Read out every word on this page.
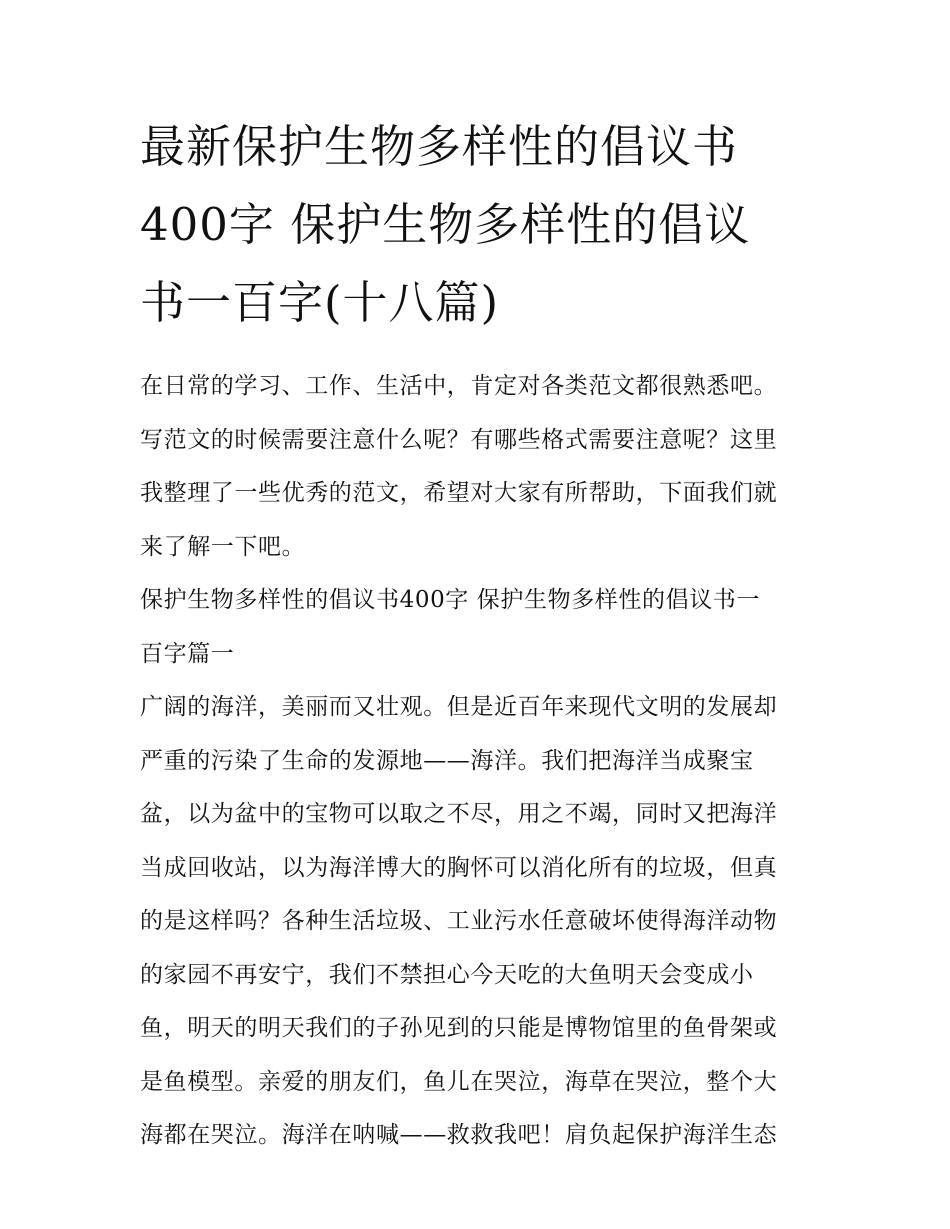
最新保护生物多样性的倡议书

400字 保护生物多样性的倡议

书一百字(十八篇)

在日常的学习、工作、生活中，肯定对各类范文都很熟悉吧。

写范文的时候需要注意什么呢？有哪些格式需要注意呢？这里

我整理了一些优秀的范文，希望对大家有所帮助，下面我们就

来了解一下吧。

保护生物多样性的倡议书400字 保护生物多样性的倡议书一

百字篇一

广阔的海洋，美丽而又壮观。但是近百年来现代文明的发展却

严重的污染了生命的发源地——海洋。我们把海洋当成聚宝

盆，以为盆中的宝物可以取之不尽，用之不竭，同时又把海洋

当成回收站，以为海洋博大的胸怀可以消化所有的垃圾，但真

的是这样吗？各种生活垃圾、工业污水任意破坏使得海洋动物

的家园不再安宁，我们不禁担心今天吃的大鱼明天会变成小

鱼，明天的明天我们的子孙见到的只能是博物馆里的鱼骨架或

是鱼模型。亲爱的朋友们，鱼儿在哭泣，海草在哭泣，整个大

海都在哭泣。海洋在呐喊——救救我吧！肩负起保护海洋生态
